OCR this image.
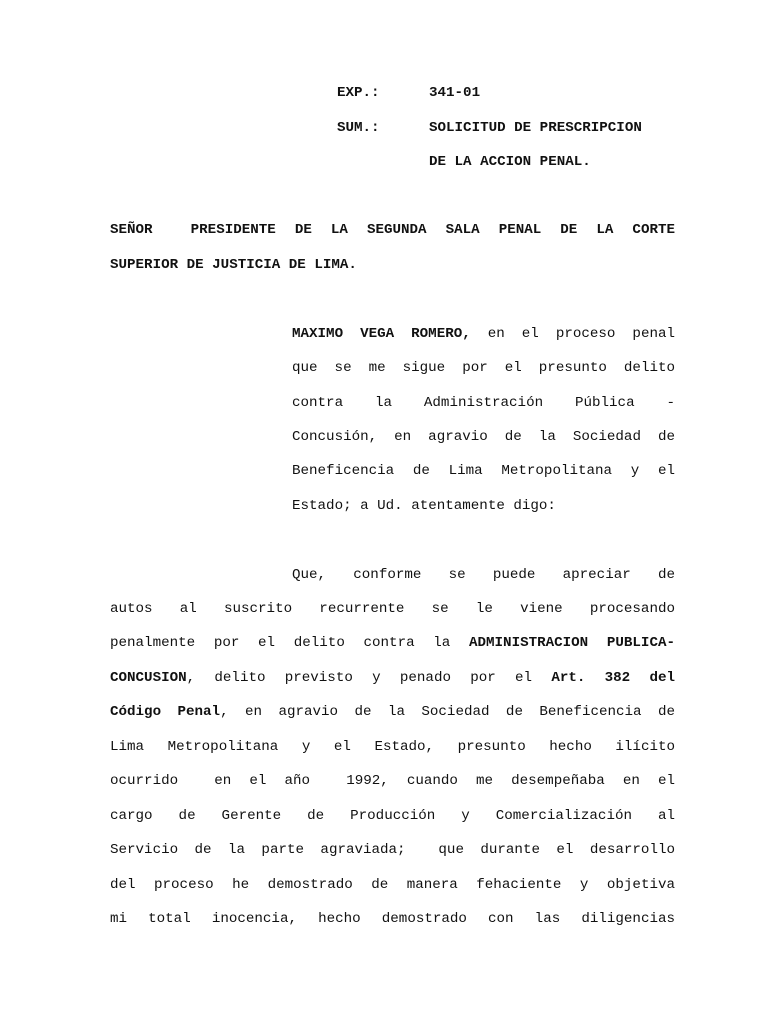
EXP.:	341-01
SUM.:	SOLICITUD DE PRESCRIPCION
DE LA ACCION PENAL.
SEÑOR  PRESIDENTE DE LA SEGUNDA SALA PENAL DE LA CORTE
SUPERIOR DE JUSTICIA DE LIMA.
MAXIMO VEGA ROMERO, en el proceso penal
que se me sigue por el presunto delito
contra la Administración Pública -
Concusión, en agravio de la Sociedad de
Beneficencia de Lima Metropolitana y el
Estado; a Ud. atentamente digo:
Que, conforme se puede apreciar de
autos al suscrito recurrente se le viene procesando
penalmente por el delito contra la ADMINISTRACION PUBLICA-
CONCUSION, delito previsto y penado por el Art. 382 del
Código Penal, en agravio de la Sociedad de Beneficencia de
Lima Metropolitana y el Estado, presunto hecho ilícito
ocurrido  en el año  1992, cuando me desempeñaba en el
cargo de Gerente de Producción y Comercialización al
Servicio de la parte agraviada;  que durante el desarrollo
del proceso he demostrado de manera fehaciente y objetiva
mi total inocencia, hecho demostrado con las diligencias
